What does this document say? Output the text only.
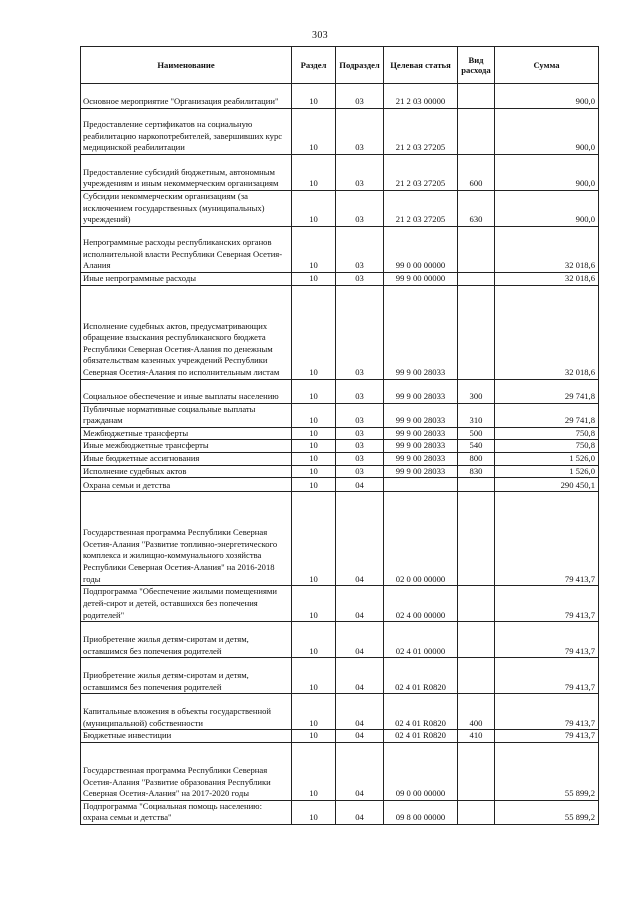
303
Наименование	Раздел	Подраздел	Целевая статья	Вид расхода	Сумма
Основное мероприятие "Организация реабилитации"	10	03	21 2 03 00000		900,0
Предоставление сертификатов на социальную реабилитацию наркопотребителей, завершивших курс медицинской реабилитации	10	03	21 2 03 27205		900,0
Предоставление субсидий бюджетным, автономным учреждениям и иным некоммерческим организациям	10	03	21 2 03 27205	600	900,0
Субсидии некоммерческим организациям (за исключением государственных (муниципальных) учреждений)	10	03	21 2 03 27205	630	900,0
Непрограммные расходы республиканских органов исполнительной власти Республики Северная Осетия-Алания	10	03	99 0 00 00000		32 018,6
Иные непрограммные расходы	10	03	99 9 00 00000		32 018,6
Исполнение судебных актов, предусматривающих обращение взыскания республиканского бюджета Республики Северная Осетия-Алания по денежным обязательствам казенных учреждений Республики Северная Осетия-Алания по исполнительным листам	10	03	99 9 00 28033		32 018,6
Социальное обеспечение и иные выплаты населению	10	03	99 9 00 28033	300	29 741,8
Публичные нормативные социальные выплаты гражданам	10	03	99 9 00 28033	310	29 741,8
Межбюджетные трансферты	10	03	99 9 00 28033	500	750,8
Иные межбюджетные трансферты	10	03	99 9 00 28033	540	750,8
Иные бюджетные ассигнования	10	03	99 9 00 28033	800	1 526,0
Исполнение судебных актов	10	03	99 9 00 28033	830	1 526,0
Охрана семьи и детства	10	04			290 450,1
Государственная программа Республики Северная Осетия-Алания "Развитие топливно-энергетического комплекса и жилищно-коммунального хозяйства Республики Северная Осетия-Алания" на 2016-2018 годы	10	04	02 0 00 00000		79 413,7
Подпрограмма "Обеспечение жилыми помещениями детей-сирот и детей, оставшихся без попечения родителей"	10	04	02 4 00 00000		79 413,7
Приобретение жилья детям-сиротам и детям, оставшимся без попечения родителей	10	04	02 4 01 00000		79 413,7
Приобретение жилья детям-сиротам и детям, оставшимся без попечения родителей	10	04	02 4 01 R0820		79 413,7
Капитальные вложения в объекты государственной (муниципальной) собственности	10	04	02 4 01 R0820	400	79 413,7
Бюджетные инвестиции	10	04	02 4 01 R0820	410	79 413,7
Государственная программа Республики Северная Осетия-Алания "Развитие образования Республики Северная Осетия-Алания" на 2017-2020 годы	10	04	09 0 00 00000		55 899,2
Подпрограмма "Социальная помощь населению: охрана семьи и детства"	10	04	09 8 00 00000		55 899,2
